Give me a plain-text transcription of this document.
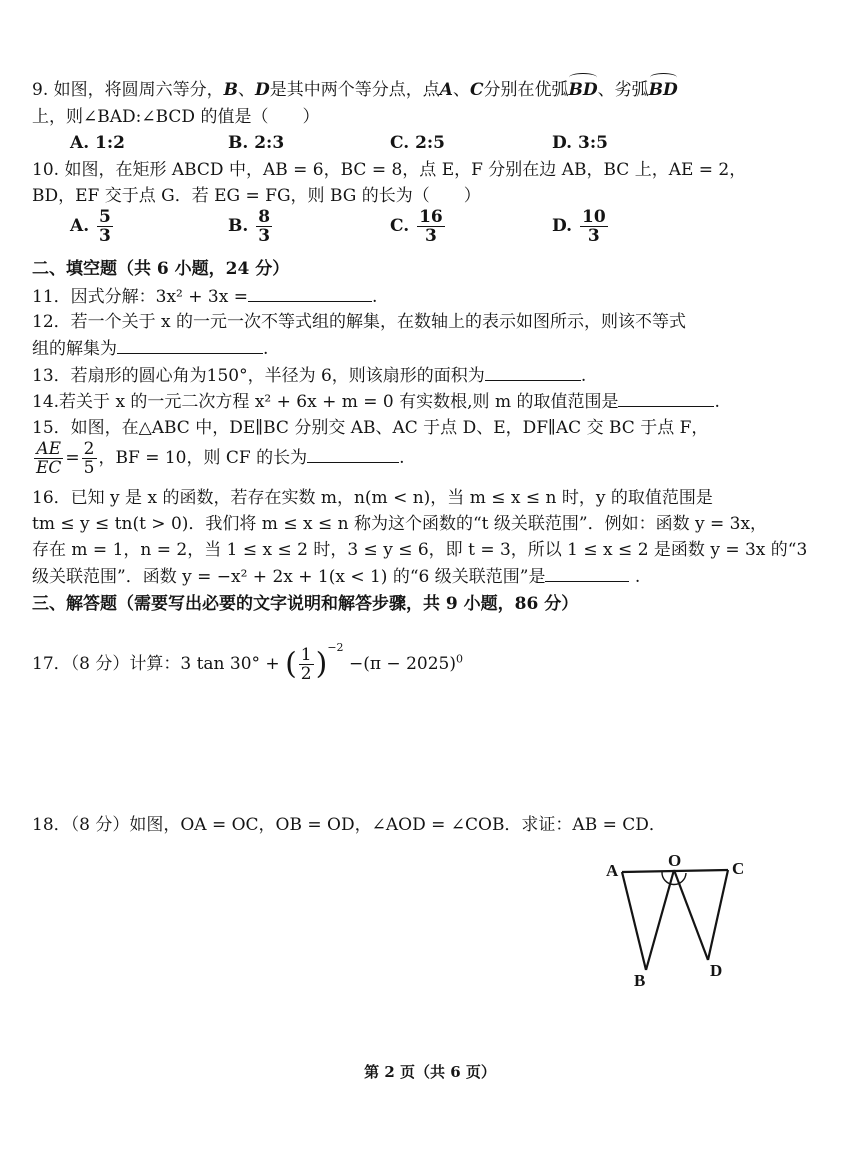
9. 如图，将圆周六等分，B、D是其中两个等分点，点A、C分别在优弧BD、劣弧BD
上，则∠BAD:∠BCD 的值是（　　）
A. 1:2	B. 2:3	C. 2:5	D. 3:5
10. 如图，在矩形 ABCD 中，AB = 6，BC = 8，点 E，F 分别在边 AB，BC 上，AE = 2，
BD，EF 交于点 G．若 EG = FG，则 BG 的长为（　　）
A. $\frac{5}{3}$	B. $\frac{8}{3}$	C. $\frac{16}{3}$	D. $\frac{10}{3}$
二、填空题（共 6 小题，24 分）
11．因式分解：3x² + 3x =	.
12．若一个关于 x 的一元一次不等式组的解集，在数轴上的表示如图所示，则该不等式
组的解集为	.
13．若扇形的圆心角为150°，半径为 6，则该扇形的面积为	.
14.若关于 x 的一元二次方程 x² + 6x + m = 0 有实数根,则 m 的取值范围是	.
15．如图，在△ABC 中，DE∥BC 分别交 AB、AC 于点 D、E，DF∥AC 交 BC 于点 F，
$\frac{AE}{EC} = \frac{2}{5}$ ，BF = 10，则 CF 的长为	.
16．已知 y 是 x 的函数，若存在实数 m，n(m < n)，当 m ≤ x ≤ n 时，y 的取值范围是
tm ≤ y ≤ tn(t > 0)．我们将 m ≤ x ≤ n 称为这个函数的“t 级关联范围”．例如：函数 y = 3x，
存在 m = 1，n = 2，当 1 ≤ x ≤ 2 时，3 ≤ y ≤ 6，即 t = 3，所以 1 ≤ x ≤ 2 是函数 y = 3x 的“3
级关联范围”．函数 y = −x² + 2x + 1(x < 1) 的“6 级关联范围”是	.
三、解答题（需要写出必要的文字说明和解答步骤，共 9 小题，86 分）
17．（8 分）计算：3 tan 30° + ( $\frac{1}{2} )^{-2} -(\pi - 2025)^0$
18．（8 分）如图，OA = OC，OB = OD，∠AOD = ∠COB．求证：AB = CD．
A
O	C
B
D
第 2 页（共 6 页）
